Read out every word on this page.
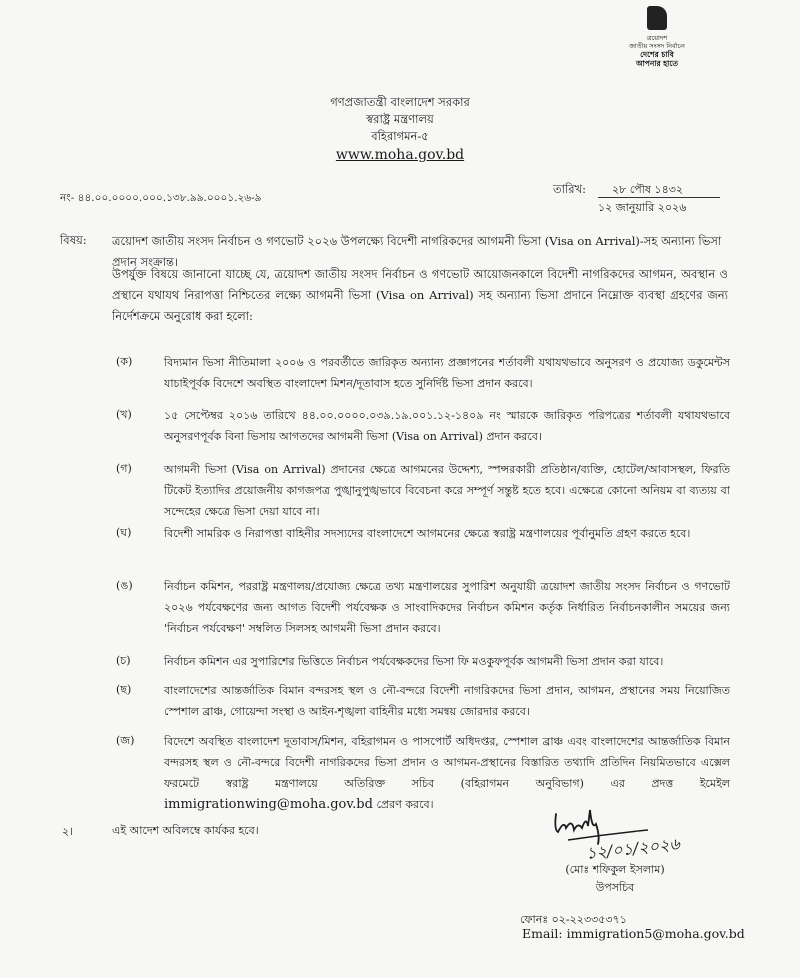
ত্রয়োদশ
জাতীয় সংসদ নির্বাচন
দেশের চাবি
আপনার হাতে
গণপ্রজাতন্ত্রী বাংলাদেশ সরকার
স্বরাষ্ট্র মন্ত্রণালয়
বহিরাগমন-৫
www.moha.gov.bd
নং- ৪৪.০০.০০০০.০০০.১৩৮.৯৯.০০০১.২৬-৯
তারিখ: ২৮ পৌষ ১৪৩২
১২ জানুয়ারি ২০২৬
বিষয়: ত্রয়োদশ জাতীয় সংসদ নির্বাচন ও গণভোট ২০২৬ উপলক্ষ্যে বিদেশী নাগরিকদের আগমনী ভিসা (Visa on Arrival)-সহ অন্যান্য ভিসা প্রদান সংক্রান্ত।
উপর্যুক্ত বিষয়ে জানানো যাচ্ছে যে, ত্রয়োদশ জাতীয় সংসদ নির্বাচন ও গণভোট আয়োজনকালে বিদেশী নাগরিকদের আগমন, অবস্থান ও প্রস্থানে যথাযথ নিরাপত্তা নিশ্চিতের লক্ষ্যে আগমনী ভিসা (Visa on Arrival) সহ অন্যান্য ভিসা প্রদানে নিম্নোক্ত ব্যবস্থা গ্রহণের জন্য নির্দেশক্রমে অনুরোধ করা হলো:
(ক)	বিদ্যমান ভিসা নীতিমালা ২০০৬ ও পরবর্তীতে জারিকৃত অন্যান্য প্রজ্ঞাপনের শর্তাবলী যথাযথভাবে অনুসরণ ও প্রযোজ্য ডকুমেন্টস যাচাইপূর্বক বিদেশে অবস্থিত বাংলাদেশ মিশন/দূতাবাস হতে সুনির্দিষ্ট ভিসা প্রদান করবে।
(খ)	১৫ সেপ্টেম্বর ২০১৬ তারিখে ৪৪.০০.০০০০.০৩৯.১৯.০০১.১২-১৪০৯ নং স্মারকে জারিকৃত পরিপত্রের শর্তাবলী যথাযথভাবে অনুসরণপূর্বক বিনা ভিসায় আগতদের আগমনী ভিসা (Visa on Arrival) প্রদান করবে।
(গ)	আগমনী ভিসা (Visa on Arrival) প্রদানের ক্ষেত্রে আগমনের উদ্দেশ্য, স্পন্সরকারী প্রতিষ্ঠান/ব্যক্তি, হোটেল/আবাসস্থল, ফিরতি টিকেট ইত্যাদির প্রয়োজনীয় কাগজপত্র পুঙ্খানুপুঙ্খভাবে বিবেচনা করে সম্পূর্ণ সন্তুষ্ট হতে হবে। এক্ষেত্রে কোনো অনিয়ম বা ব্যত্যয় বা সন্দেহের ক্ষেত্রে ভিসা দেয়া যাবে না।
(ঘ)	বিদেশী সামরিক ও নিরাপত্তা বাহিনীর সদস্যদের বাংলাদেশে আগমনের ক্ষেত্রে স্বরাষ্ট্র মন্ত্রণালয়ের পূর্বানুমতি গ্রহণ করতে হবে।
(ঙ)	নির্বাচন কমিশন, পররাষ্ট্র মন্ত্রণালয়/প্রযোজ্য ক্ষেত্রে তথ্য মন্ত্রণালয়ের সুপারিশ অনুযায়ী ত্রয়োদশ জাতীয় সংসদ নির্বাচন ও গণভোট ২০২৬ পর্যবেক্ষণের জন্য আগত বিদেশী পর্যবেক্ষক ও সাংবাদিকদের নির্বাচন কমিশন কর্তৃক নির্ধারিত নির্বাচনকালীন সময়ের জন্য 'নির্বাচন পর্যবেক্ষণ' সম্বলিত সিলসহ আগমনী ভিসা প্রদান করবে।
(চ)	নির্বাচন কমিশন এর সুপারিশের ভিত্তিতে নির্বাচন পর্যবেক্ষকদের ভিসা ফি মওকুফপূর্বক আগমনী ভিসা প্রদান করা যাবে।
(ছ)	বাংলাদেশের আন্তর্জাতিক বিমান বন্দরসহ স্থল ও নৌ-বন্দরে বিদেশী নাগরিকদের ভিসা প্রদান, আগমন, প্রস্থানের সময় নিয়োজিত স্পেশাল ব্রাঞ্চ, গোয়েন্দা সংস্থা ও আইন-শৃঙ্খলা বাহিনীর মধ্যে সমন্বয় জোরদার করবে।
(জ)	বিদেশে অবস্থিত বাংলাদেশ দূতাবাস/মিশন, বহিরাগমন ও পাসপোর্ট অধিদপ্তর, স্পেশাল ব্রাঞ্চ এবং বাংলাদেশের আন্তর্জাতিক বিমান বন্দরসহ স্থল ও নৌ-বন্দরে বিদেশী নাগরিকদের ভিসা প্রদান ও আগমন-প্রস্থানের বিস্তারিত তথ্যাদি প্রতিদিন নিয়মিতভাবে এক্সেল ফরমেটে স্বরাষ্ট্র মন্ত্রণালয়ে অতিরিক্ত সচিব (বহিরাগমন অনুবিভাগ) এর প্রদত্ত ইমেইল immigrationwing@moha.gov.bd প্রেরণ করবে।
২।	এই আদেশ অবিলম্বে কার্যকর হবে।
১২/০১/২০২৬
(মোঃ শফিকুল ইসলাম)
উপসচিব
ফোনঃ ০২-২২৩৩৫৩৭১
Email: immigration5@moha.gov.bd
